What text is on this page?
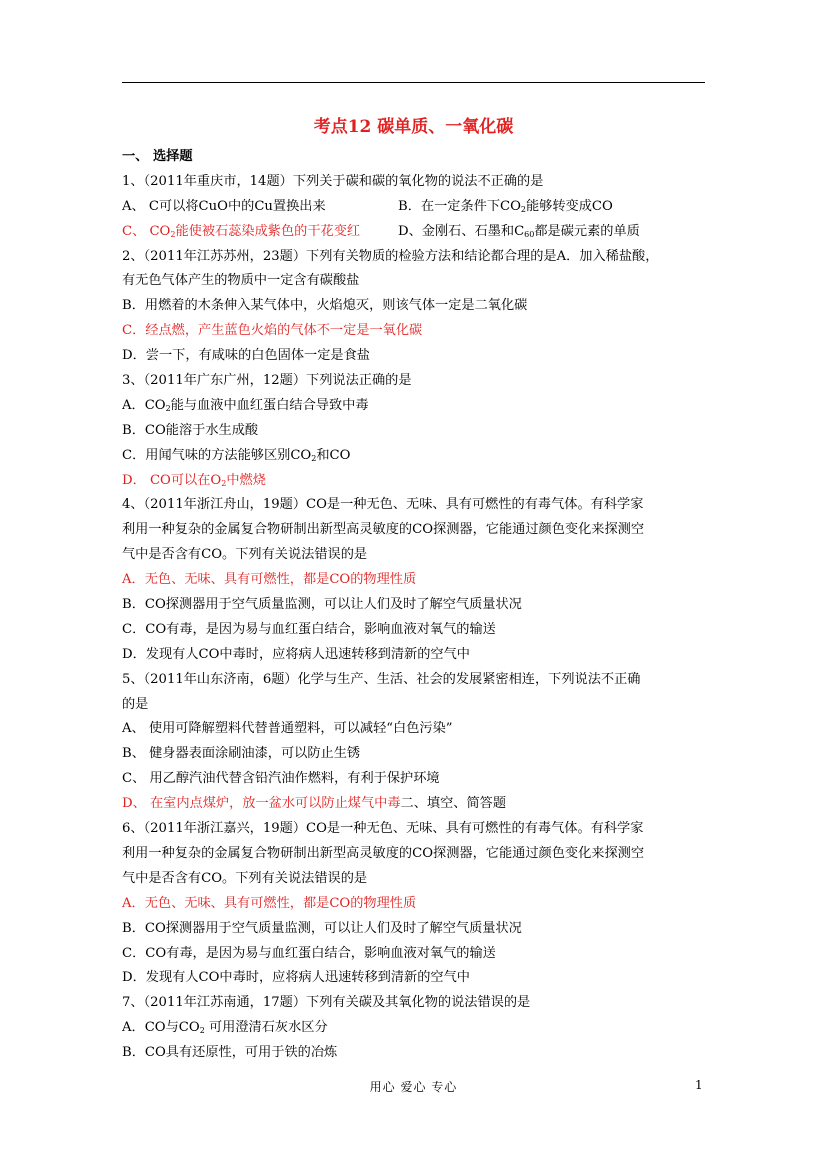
考点12 碳单质、一氧化碳
一、 选择题
1、（2011年重庆市，14题）下列关于碳和碳的氧化物的说法不正确的是
A、 C可以将CuO中的Cu置换出来	B．在一定条件下$CO_2$能够转变成CO
C、 $CO_2$能使被石蕊染成紫色的干花变红	D、金刚石、石墨和$C_{60}$都是碳元素的单质
2、（2011年江苏苏州，23题）下列有关物质的检验方法和结论都合理的是A．加入稀盐酸，
有无色气体产生的物质中一定含有碳酸盐
B．用燃着的木条伸入某气体中，火焰熄灭，则该气体一定是二氧化碳
C．经点燃，产生蓝色火焰的气体不一定是一氧化碳
D．尝一下，有咸味的白色固体一定是食盐
3、（2011年广东广州，12题）下列说法正确的是
A．$CO_2$能与血液中血红蛋白结合导致中毒
B．CO能溶于水生成酸
C．用闻气味的方法能够区别$CO_2$和CO
D． CO可以在$O_2$中燃烧
4、（2011年浙江舟山，19题）CO是一种无色、无味、具有可燃性的有毒气体。有科学家
利用一种复杂的金属复合物研制出新型高灵敏度的CO探测器，它能通过颜色变化来探测空
气中是否含有CO。下列有关说法错误的是
A．无色、无味、具有可燃性，都是CO的物理性质
B．CO探测器用于空气质量监测，可以让人们及时了解空气质量状况
C．CO有毒，是因为易与血红蛋白结合，影响血液对氧气的输送
D．发现有人CO中毒时，应将病人迅速转移到清新的空气中
5、（2011年山东济南，6题）化学与生产、生活、社会的发展紧密相连，下列说法不正确
的是
A、 使用可降解塑料代替普通塑料，可以减轻“白色污染”
B、 健身器表面涂刷油漆，可以防止生锈
C、 用乙醇汽油代替含铅汽油作燃料，有利于保护环境
D、 在室内点煤炉，放一盆水可以防止煤气中毒二、填空、简答题
6、（2011年浙江嘉兴，19题）CO是一种无色、无味、具有可燃性的有毒气体。有科学家
利用一种复杂的金属复合物研制出新型高灵敏度的CO探测器，它能通过颜色变化来探测空
气中是否含有CO。下列有关说法错误的是
A．无色、无味、具有可燃性，都是CO的物理性质
B．CO探测器用于空气质量监测，可以让人们及时了解空气质量状况
C．CO有毒，是因为易与血红蛋白结合，影响血液对氧气的输送
D．发现有人CO中毒时，应将病人迅速转移到清新的空气中
7、（2011年江苏南通，17题）下列有关碳及其氧化物的说法错误的是
A．CO与$CO_2$ 可用澄清石灰水区分
B．CO具有还原性，可用于铁的冶炼
用心 爱心 专心	1
